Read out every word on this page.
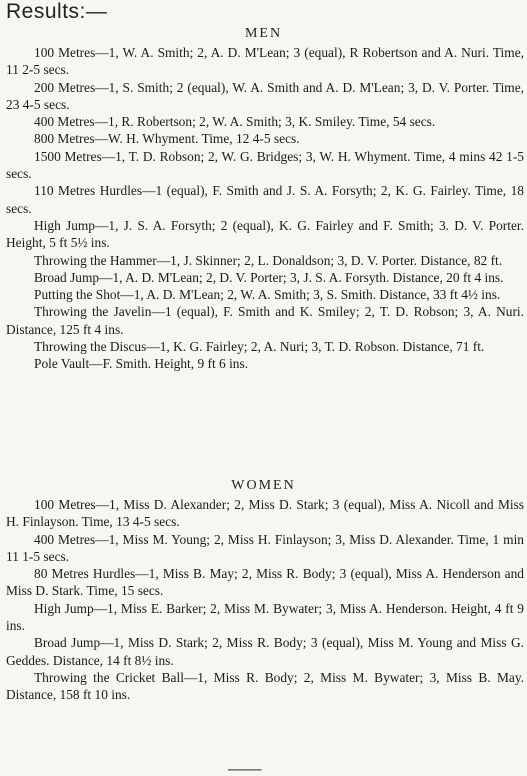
Results:—
MEN
100 Metres—1, W. A. Smith; 2, A. D. M'Lean; 3 (equal), R Robertson and A. Nuri. Time, 11 2-5 secs.
200 Metres—1, S. Smith; 2 (equal), W. A. Smith and A. D. M'Lean; 3, D. V. Porter. Time, 23 4-5 secs.
400 Metres—1, R. Robertson; 2, W. A. Smith; 3, K. Smiley. Time, 54 secs.
800 Metres—W. H. Whyment. Time, 12 4-5 secs.
1500 Metres—1, T. D. Robson; 2, W. G. Bridges; 3, W. H. Whyment. Time, 4 mins 42 1-5 secs.
110 Metres Hurdles—1 (equal), F. Smith and J. S. A. Forsyth; 2, K. G. Fairley. Time, 18 secs.
High Jump—1, J. S. A. Forsyth; 2 (equal), K. G. Fairley and F. Smith; 3. D. V. Porter. Height, 5 ft 5½ ins.
Throwing the Hammer—1, J. Skinner; 2, L. Donaldson; 3, D. V. Porter. Distance, 82 ft.
Broad Jump—1, A. D. M'Lean; 2, D. V. Porter; 3, J. S. A. Forsyth. Distance, 20 ft 4 ins.
Putting the Shot—1, A. D. M'Lean; 2, W. A. Smith; 3, S. Smith. Distance, 33 ft 4½ ins.
Throwing the Javelin—1 (equal), F. Smith and K. Smiley; 2, T. D. Robson; 3, A. Nuri. Distance, 125 ft 4 ins.
Throwing the Discus—1, K. G. Fairley; 2, A. Nuri; 3, T. D. Robson. Distance, 71 ft.
Pole Vault—F. Smith. Height, 9 ft 6 ins.
WOMEN
100 Metres—1, Miss D. Alexander; 2, Miss D. Stark; 3 (equal), Miss A. Nicoll and Miss H. Finlayson. Time, 13 4-5 secs.
400 Metres—1, Miss M. Young; 2, Miss H. Finlayson; 3, Miss D. Alexander. Time, 1 min 11 1-5 secs.
80 Metres Hurdles—1, Miss B. May; 2, Miss R. Body; 3 (equal), Miss A. Henderson and Miss D. Stark. Time, 15 secs.
High Jump—1, Miss E. Barker; 2, Miss M. Bywater; 3, Miss A. Henderson. Height, 4 ft 9 ins.
Broad Jump—1, Miss D. Stark; 2, Miss R. Body; 3 (equal), Miss M. Young and Miss G. Geddes. Distance, 14 ft 8½ ins.
Throwing the Cricket Ball—1, Miss R. Body; 2, Miss M. Bywater; 3, Miss B. May. Distance, 158 ft 10 ins.
▬▬▬▬▬▬▬▬
